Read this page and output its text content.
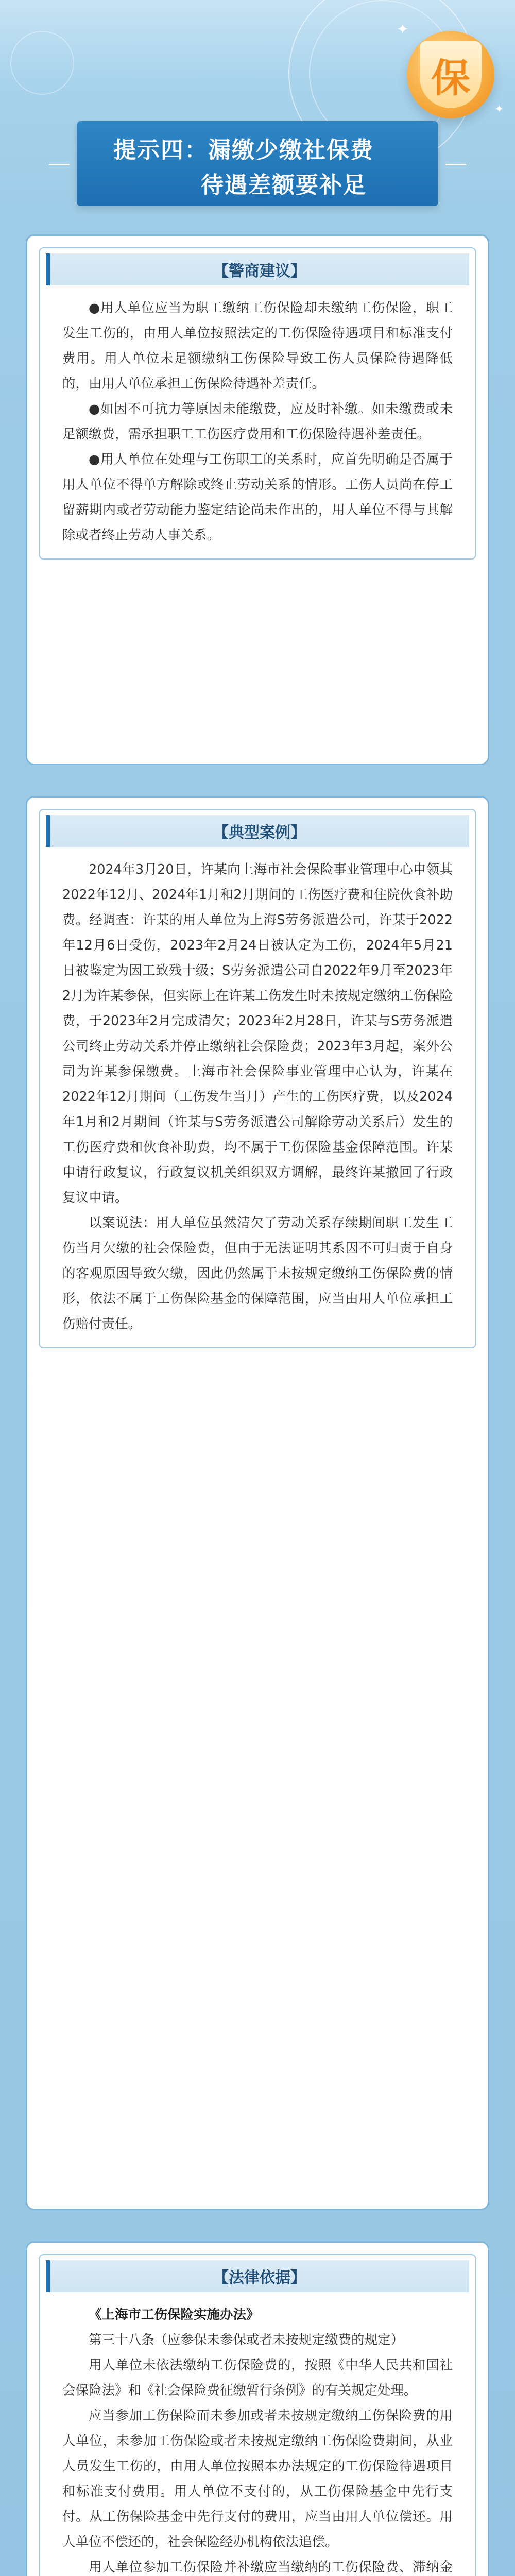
✦
✦
保
提示四：漏缴少缴社保费
待遇差额要补足
【警商建议】

●用人单位应当为职工缴纳工伤保险却未缴纳工伤保险，职工发生工伤的，由用人单位按照法定的工伤保险待遇项目和标准支付费用。用人单位未足额缴纳工伤保险导致工伤人员保险待遇降低的，由用人单位承担工伤保险待遇补差责任。

●如因不可抗力等原因未能缴费，应及时补缴。如未缴费或未足额缴费，需承担职工工伤医疗费用和工伤保险待遇补差责任。

●用人单位在处理与工伤职工的关系时，应首先明确是否属于用人单位不得单方解除或终止劳动关系的情形。工伤人员尚在停工留薪期内或者劳动能力鉴定结论尚未作出的，用人单位不得与其解除或者终止劳动人事关系。

【典型案例】

2024年3月20日，许某向上海市社会保险事业管理中心申领其2022年12月、2024年1月和2月期间的工伤医疗费和住院伙食补助费。经调查：许某的用人单位为上海S劳务派遣公司，许某于2022年12月6日受伤，2023年2月24日被认定为工伤，2024年5月21日被鉴定为因工致残十级；S劳务派遣公司自2022年9月至2023年2月为许某参保，但实际上在许某工伤发生时未按规定缴纳工伤保险费，于2023年2月完成清欠；2023年2月28日，许某与S劳务派遣公司终止劳动关系并停止缴纳社会保险费；2023年3月起，案外公司为许某参保缴费。上海市社会保险事业管理中心认为，许某在2022年12月期间（工伤发生当月）产生的工伤医疗费，以及2024年1月和2月期间（许某与S劳务派遣公司解除劳动关系后）发生的工伤医疗费和伙食补助费，均不属于工伤保险基金保障范围。许某申请行政复议，行政复议机关组织双方调解，最终许某撤回了行政复议申请。

以案说法：用人单位虽然清欠了劳动关系存续期间职工发生工伤当月欠缴的社会保险费，但由于无法证明其系因不可归责于自身的客观原因导致欠缴，因此仍然属于未按规定缴纳工伤保险费的情形，依法不属于工伤保险基金的保障范围，应当由用人单位承担工伤赔付责任。

【法律依据】

《上海市工伤保险实施办法》

第三十八条（应参保未参保或者未按规定缴费的规定）

用人单位未依法缴纳工伤保险费的，按照《中华人民共和国社会保险法》和《社会保险费征缴暂行条例》的有关规定处理。

应当参加工伤保险而未参加或者未按规定缴纳工伤保险费的用人单位，未参加工伤保险或者未按规定缴纳工伤保险费期间，从业人员发生工伤的，由用人单位按照本办法规定的工伤保险待遇项目和标准支付费用。用人单位不支付的，从工伤保险基金中先行支付。从工伤保险基金中先行支付的费用，应当由用人单位偿还。用人单位不偿还的，社会保险经办机构依法追偿。

用人单位参加工伤保险并补缴应当缴纳的工伤保险费、滞纳金
